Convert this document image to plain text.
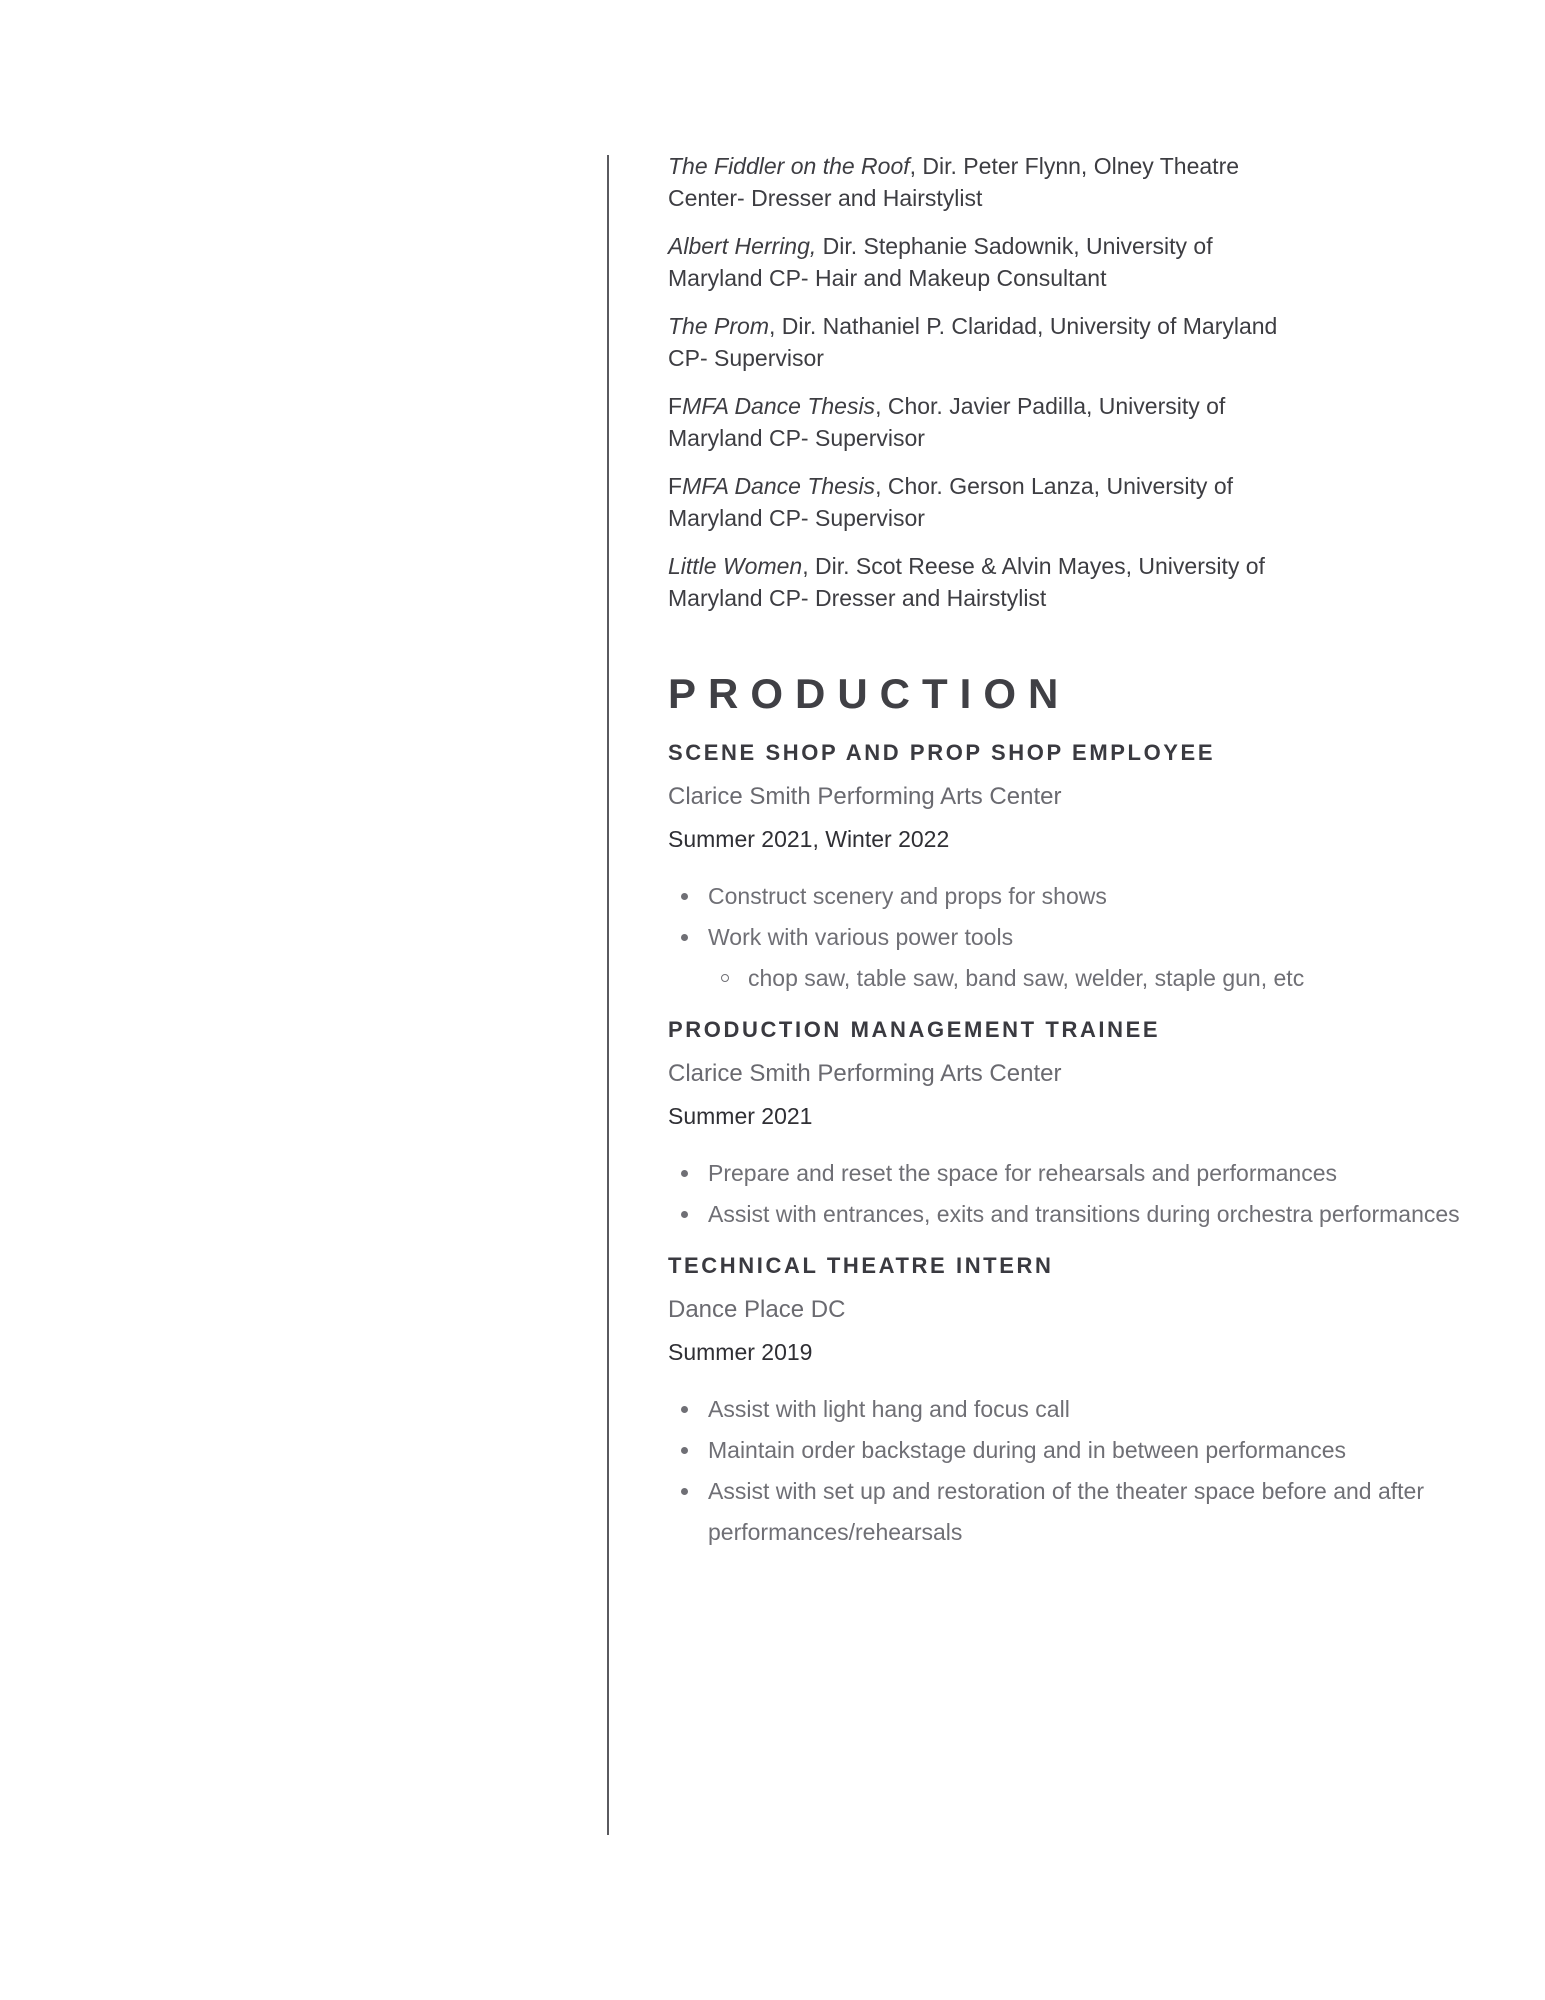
The Fiddler on the Roof, Dir. Peter Flynn, Olney Theatre Center- Dresser and Hairstylist

Albert Herring, Dir. Stephanie Sadownik, University of Maryland CP- Hair and Makeup Consultant

The Prom, Dir. Nathaniel P. Claridad, University of Maryland CP- Supervisor

FMFA Dance Thesis, Chor. Javier Padilla, University of Maryland CP- Supervisor

FMFA Dance Thesis, Chor. Gerson Lanza, University of Maryland CP- Supervisor

Little Women, Dir. Scot Reese & Alvin Mayes, University of Maryland CP- Dresser and Hairstylist

PRODUCTION
SCENE SHOP AND PROP SHOP EMPLOYEE
Clarice Smith Performing Arts Center
Summer 2021, Winter 2022
Construct scenery and props for shows
Work with various power tools
chop saw, table saw, band saw, welder, staple gun, etc
PRODUCTION MANAGEMENT TRAINEE
Clarice Smith Performing Arts Center
Summer 2021
Prepare and reset the space for rehearsals and performances
Assist with entrances, exits and transitions during orchestra performances
TECHNICAL THEATRE INTERN
Dance Place DC
Summer 2019
Assist with light hang and focus call
Maintain order backstage during and in between performances
Assist with set up and restoration of the theater space before and after performances/rehearsals
